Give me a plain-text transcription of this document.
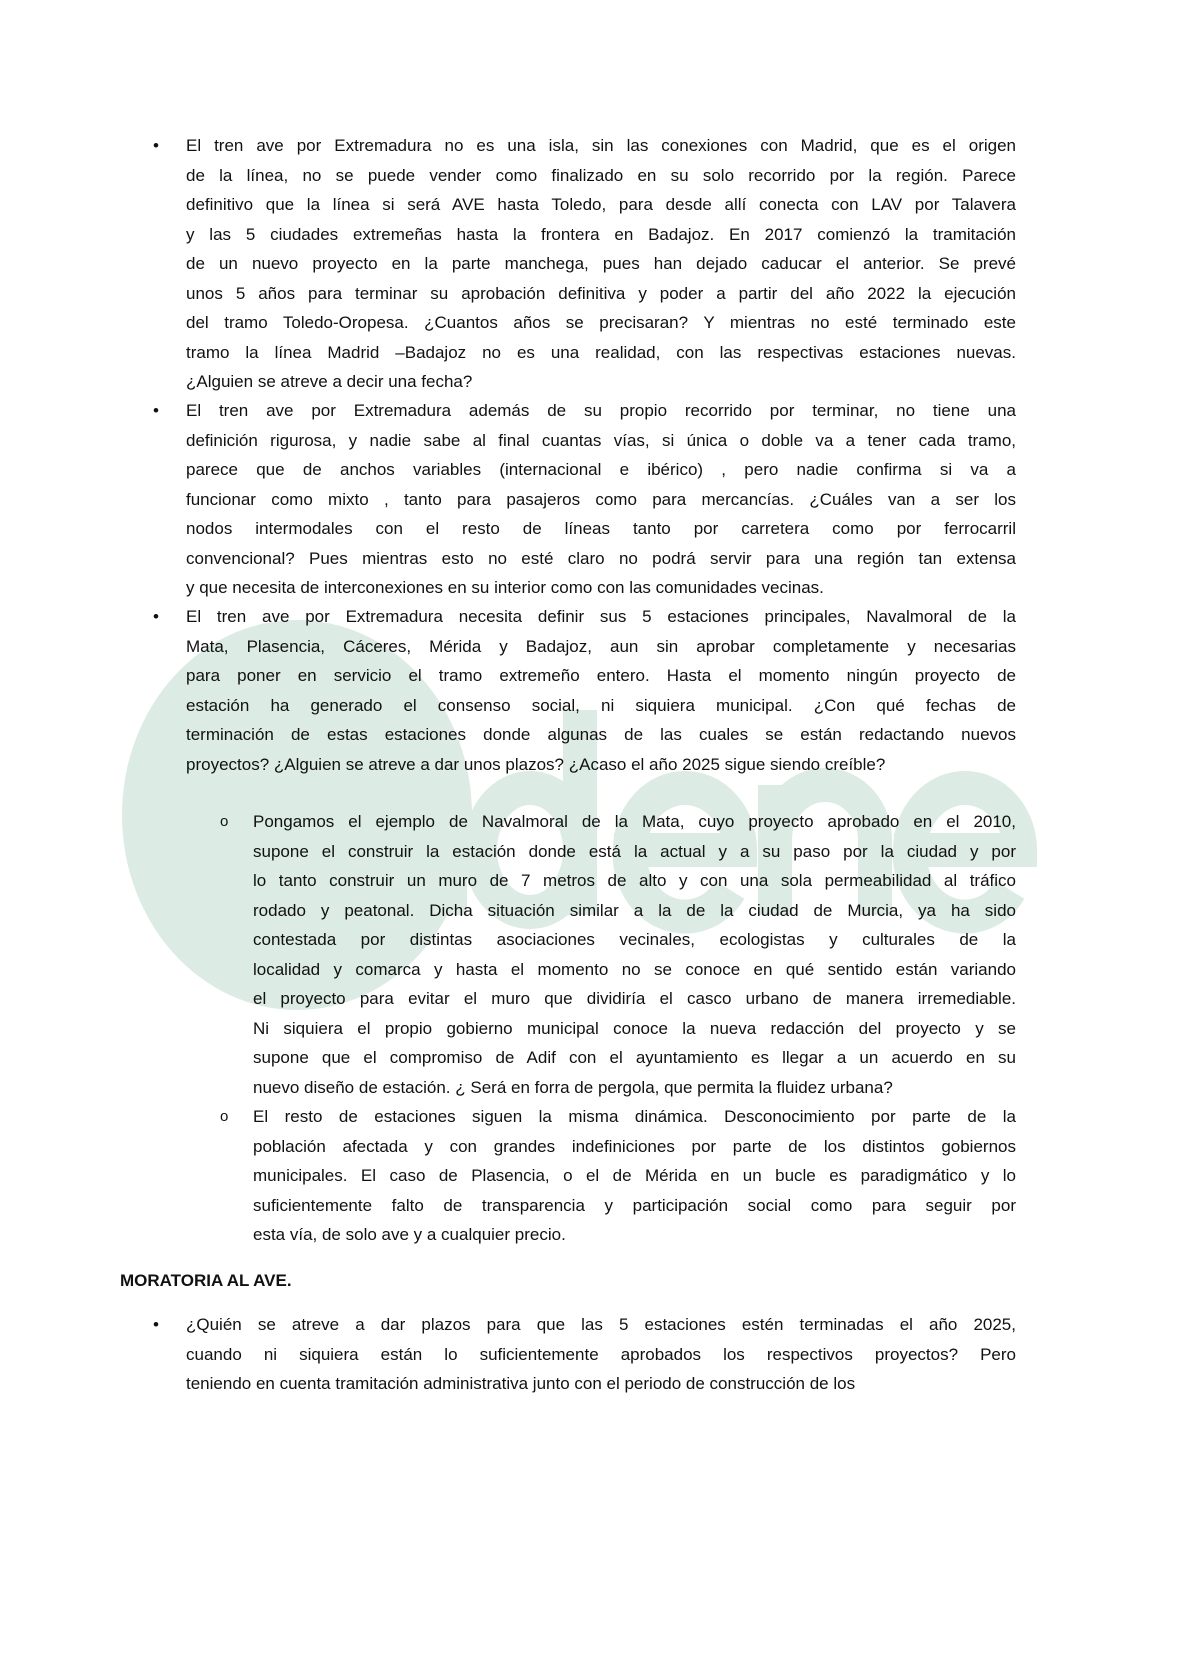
• El tren ave por Extremadura no es una isla, sin las conexiones con Madrid, que es el origen
de la línea, no se puede vender como finalizado en su solo recorrido por la región. Parece
definitivo que la línea si será AVE hasta Toledo, para desde allí conecta con LAV por Talavera
y las 5 ciudades extremeñas hasta la frontera en Badajoz. En 2017 comienzó la tramitación
de un nuevo proyecto en la parte manchega, pues han dejado caducar el anterior. Se prevé
unos 5 años para terminar su aprobación definitiva y poder a partir del año 2022 la ejecución
del tramo Toledo-Oropesa. ¿Cuantos años se precisaran? Y mientras no esté terminado este
tramo la línea Madrid –Badajoz no es una realidad, con las respectivas estaciones nuevas.
¿Alguien se atreve a decir una fecha?
• El tren ave por Extremadura además de su propio recorrido por terminar, no tiene una
definición rigurosa, y nadie sabe al final cuantas vías, si única o doble va a tener cada tramo,
parece que de anchos variables (internacional e ibérico) , pero nadie confirma si va a
funcionar como mixto , tanto para pasajeros como para mercancías. ¿Cuáles van a ser los
nodos intermodales con el resto de líneas tanto por carretera como por ferrocarril
convencional? Pues mientras esto no esté claro no podrá servir para una región tan extensa
y que necesita de interconexiones en su interior como con las comunidades vecinas.
• El tren ave por Extremadura necesita definir sus 5 estaciones principales, Navalmoral de la
Mata, Plasencia, Cáceres, Mérida y Badajoz, aun sin aprobar completamente y necesarias
para poner en servicio el tramo extremeño entero. Hasta el momento ningún proyecto de
estación ha generado el consenso social, ni siquiera municipal. ¿Con qué fechas de
terminación de estas estaciones donde algunas de las cuales se están redactando nuevos
proyectos? ¿Alguien se atreve a dar unos plazos? ¿Acaso el año 2025 sigue siendo creíble?
o Pongamos el ejemplo de Navalmoral de la Mata, cuyo proyecto aprobado en el 2010,
supone el construir la estación donde está la actual y a su paso por la ciudad y por
lo tanto construir un muro de 7 metros de alto y con una sola permeabilidad al tráfico
rodado y peatonal. Dicha situación similar a la de la ciudad de Murcia, ya ha sido
contestada por distintas asociaciones vecinales, ecologistas y culturales de la
localidad y comarca y hasta el momento no se conoce en qué sentido están variando
el proyecto para evitar el muro que dividiría el casco urbano de manera irremediable.
Ni siquiera el propio gobierno municipal conoce la nueva redacción del proyecto y se
supone que el compromiso de Adif con el ayuntamiento es llegar a un acuerdo en su
nuevo diseño de estación. ¿ Será en forra de pergola, que permita la fluidez urbana?
o El resto de estaciones siguen la misma dinámica. Desconocimiento por parte de la
población afectada y con grandes indefiniciones por parte de los distintos gobiernos
municipales. El caso de Plasencia, o el de Mérida en un bucle es paradigmático y lo
suficientemente falto de transparencia y participación social como para seguir por
esta vía, de solo ave y a cualquier precio.
MORATORIA AL AVE.
• ¿Quién se atreve a dar plazos para que las 5 estaciones estén terminadas el año 2025,
cuando ni siquiera están lo suficientemente aprobados los respectivos proyectos? Pero
teniendo en cuenta tramitación administrativa junto con el periodo de construcción de los
